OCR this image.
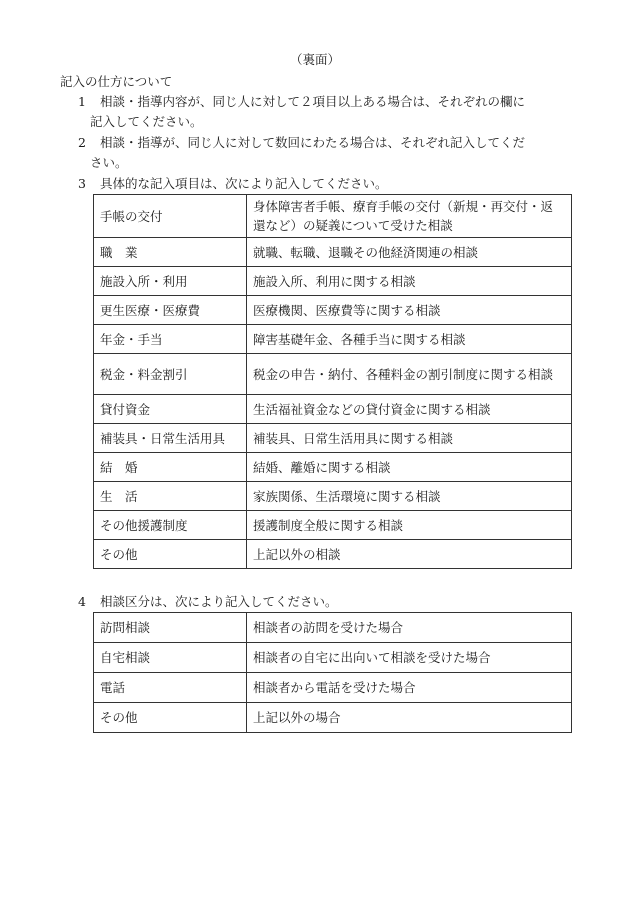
（裏面）
記入の仕方について
1 相談・指導内容が、同じ人に対して２項目以上ある場合は、それぞれの欄に
記入してください。
2 相談・指導が、同じ人に対して数回にわたる場合は、それぞれ記入してくだ
さい。
3 具体的な記入項目は、次により記入してください。
手帳の交付	身体障害者手帳、療育手帳の交付（新規・再交付・返還など）の疑義について受けた相談
職　業	就職、転職、退職その他経済関連の相談
施設入所・利用	施設入所、利用に関する相談
更生医療・医療費	医療機関、医療費等に関する相談
年金・手当	障害基礎年金、各種手当に関する相談
税金・料金割引	税金の申告・納付、各種料金の割引制度に関する相談
貸付資金	生活福祉資金などの貸付資金に関する相談
補装具・日常生活用具	補装具、日常生活用具に関する相談
結　婚	結婚、離婚に関する相談
生　活	家族関係、生活環境に関する相談
その他援護制度	援護制度全般に関する相談
その他	上記以外の相談
4 相談区分は、次により記入してください。
訪問相談	相談者の訪問を受けた場合
自宅相談	相談者の自宅に出向いて相談を受けた場合
電話	相談者から電話を受けた場合
その他	上記以外の場合
